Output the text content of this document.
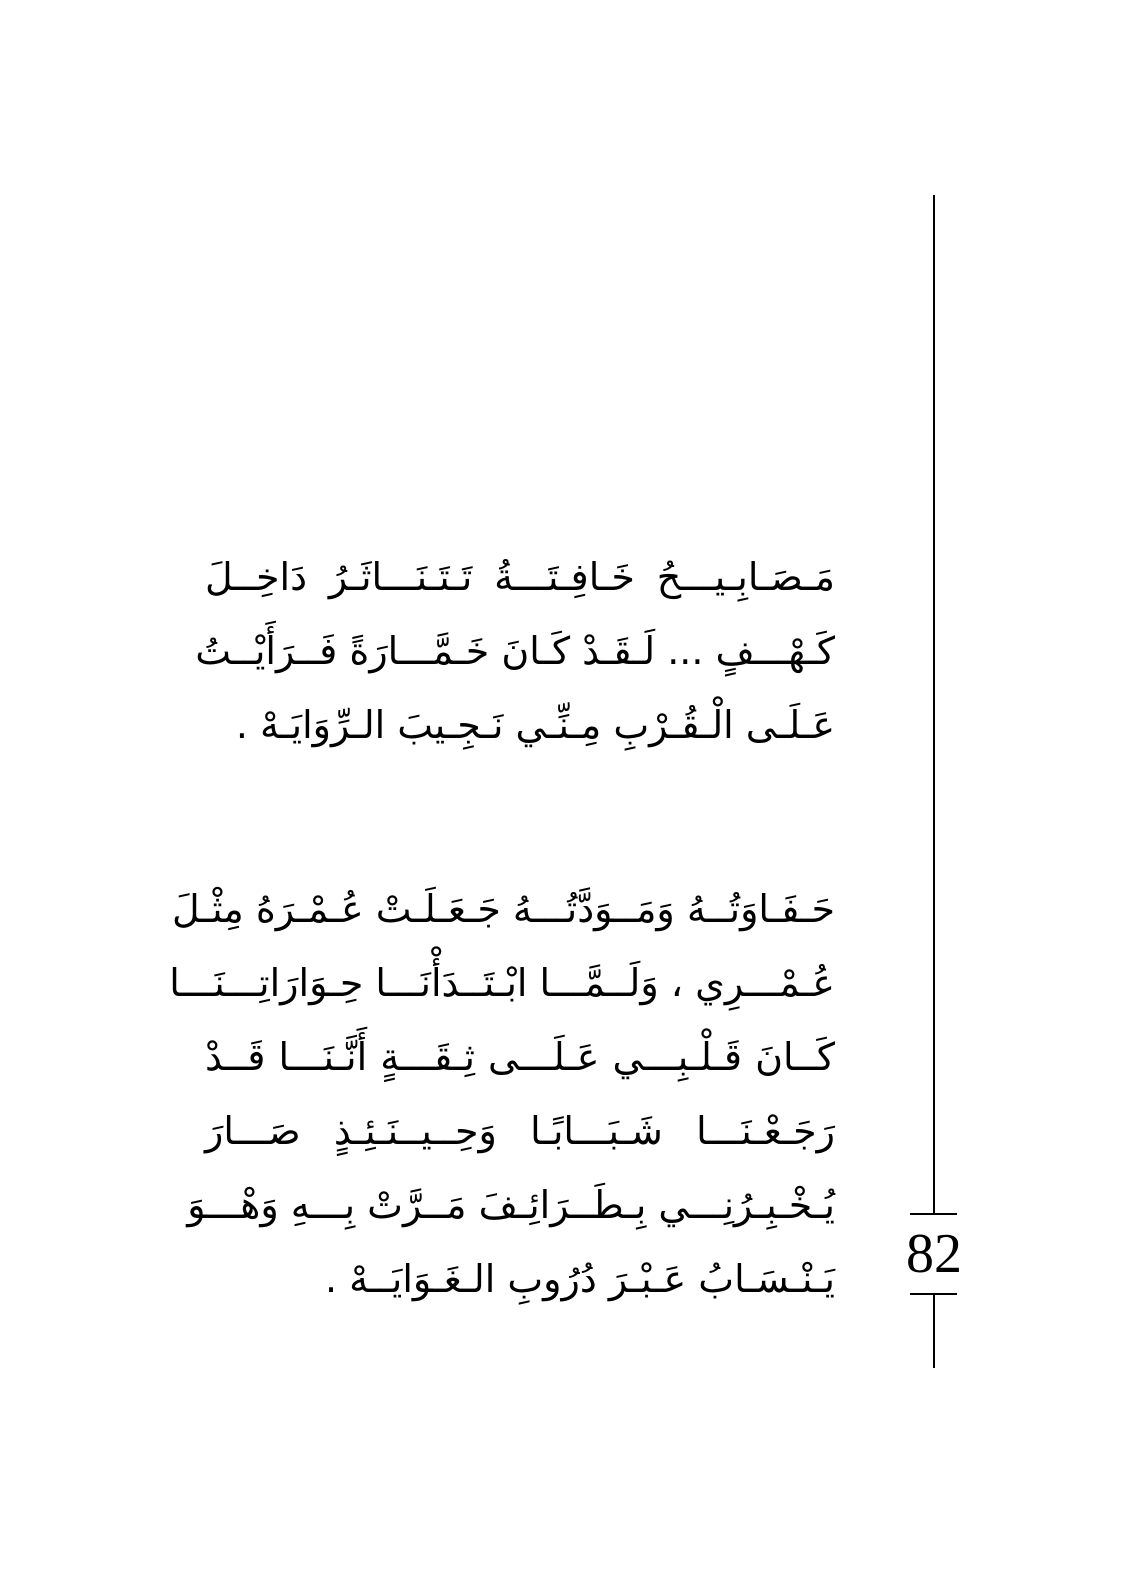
82
مَـصَـابِـيـــحُ خَـافِـتَـــةُ تَـتَـنَـــاثَـرُ دَاخِــلَ
كَـهْـــفٍ ... لَـقَـدْ كَـانَ خَـمَّـــارَةً فَــرَأَيْــتُ
عَـلَـى الْـقُـرْبِ مِـنِّـي نَـجِـيبَ الـرِّوَايَـهْ .
حَـفَـاوَتُــهُ وَمَــوَدَّتُـــهُ جَـعَـلَـتْ عُـمْـرَهُ مِثْـلَ
عُـمْـــرِي ، وَلَــمَّـــا ابْـتَــدَأْنَـــا حِـوَارَاتِـــنَـــا
كَــانَ قَـلْـبِـــي عَـلَـــى ثِـقَـــةٍ أَنَّـنَـــا قَــدْ
رَجَـعْـنَـــا شَـبَـــابًـا وَحِــيــنَـئِـذٍ صَـــارَ
يُـخْـبِـرُنِـــي بِـطَــرَائِـفَ مَــرَّتْ بِـــهِ وَهْـــوَ
يَـنْـسَـابُ عَـبْـرَ دُرُوبِ الـغَـوَايَــهْ .
